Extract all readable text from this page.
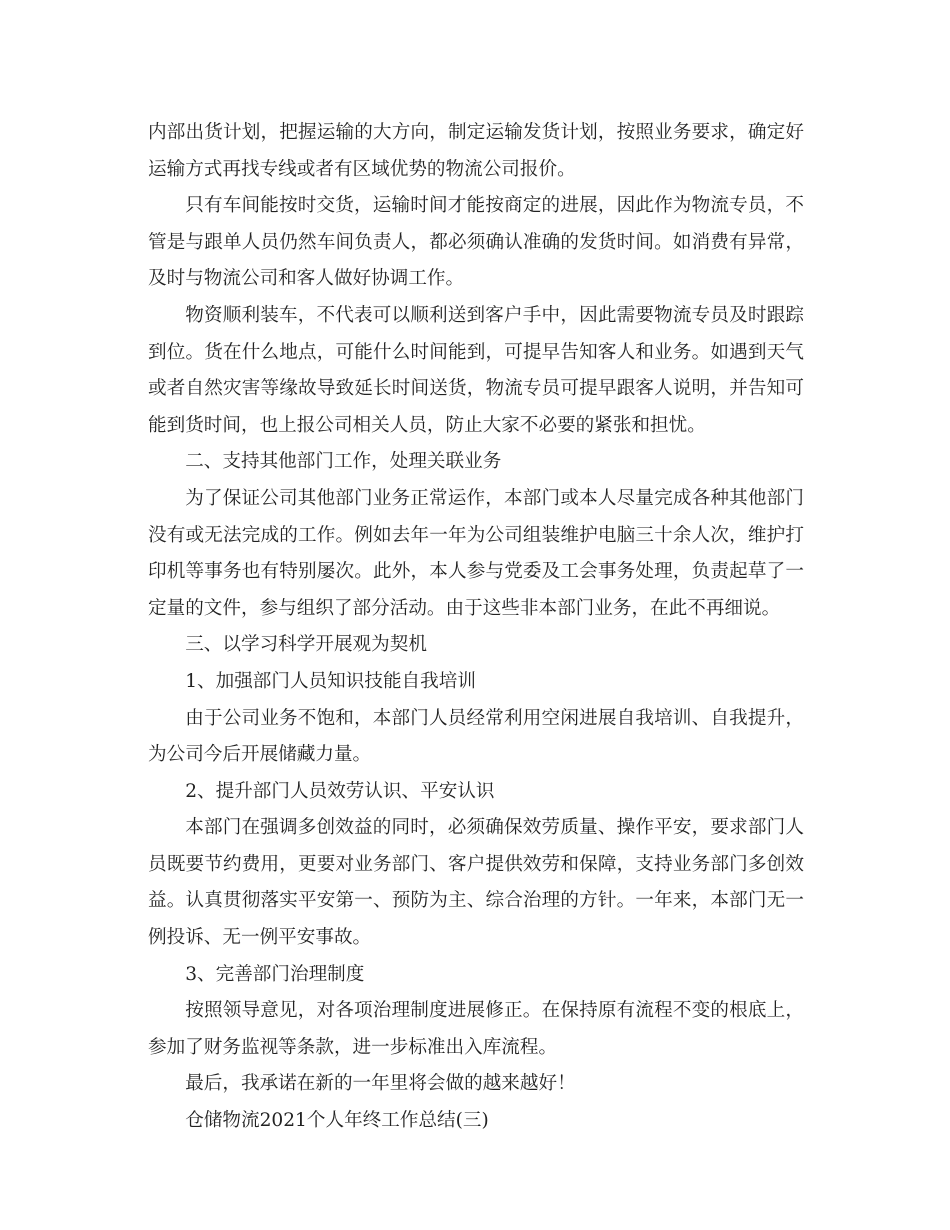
内部出货计划，把握运输的大方向，制定运输发货计划，按照业务要求，确定好运输方式再找专线或者有区域优势的物流公司报价。

只有车间能按时交货，运输时间才能按商定的进展，因此作为物流专员，不管是与跟单人员仍然车间负责人，都必须确认准确的发货时间。如消费有异常，及时与物流公司和客人做好协调工作。

物资顺利装车，不代表可以顺利送到客户手中，因此需要物流专员及时跟踪到位。货在什么地点，可能什么时间能到，可提早告知客人和业务。如遇到天气或者自然灾害等缘故导致延长时间送货，物流专员可提早跟客人说明，并告知可能到货时间，也上报公司相关人员，防止大家不必要的紧张和担忧。

二、支持其他部门工作，处理关联业务

为了保证公司其他部门业务正常运作，本部门或本人尽量完成各种其他部门没有或无法完成的工作。例如去年一年为公司组装维护电脑三十余人次，维护打印机等事务也有特别屡次。此外，本人参与党委及工会事务处理，负责起草了一定量的文件，参与组织了部分活动。由于这些非本部门业务，在此不再细说。

三、以学习科学开展观为契机

1、加强部门人员知识技能自我培训

由于公司业务不饱和，本部门人员经常利用空闲进展自我培训、自我提升，为公司今后开展储藏力量。

2、提升部门人员效劳认识、平安认识

本部门在强调多创效益的同时，必须确保效劳质量、操作平安，要求部门人员既要节约费用，更要对业务部门、客户提供效劳和保障，支持业务部门多创效益。认真贯彻落实平安第一、预防为主、综合治理的方针。一年来，本部门无一例投诉、无一例平安事故。

3、完善部门治理制度

按照领导意见，对各项治理制度进展修正。在保持原有流程不变的根底上，参加了财务监视等条款，进一步标准出入库流程。

最后，我承诺在新的一年里将会做的越来越好！

仓储物流2021个人年终工作总结(三)
